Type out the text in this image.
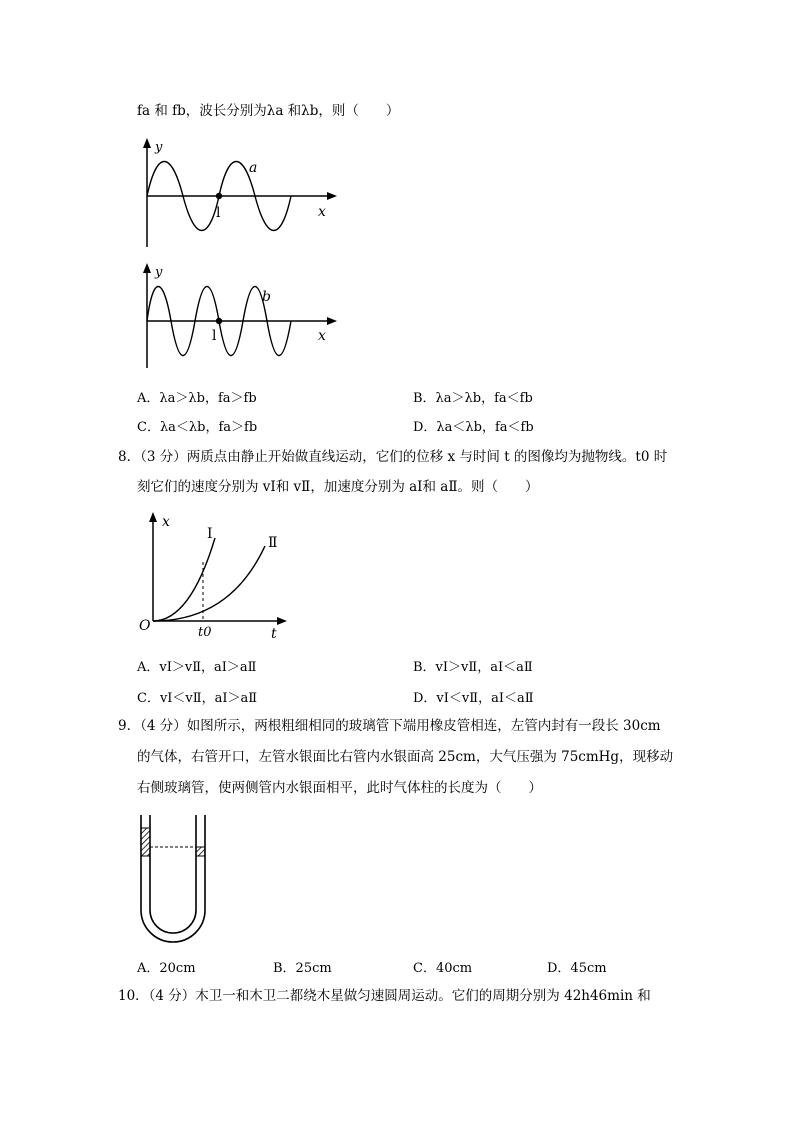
fa 和 fb，波长分别为λa 和λb，则（　　）
y
x
a
l
y
x
b
l
A．λa＞λb，fa＞fb	B．λa＞λb，fa＜fb
C．λa＜λb，fa＞fb	D．λa＜λb，fa＜fb
8．（3 分）两质点由静止开始做直线运动，它们的位移 x 与时间 t 的图像均为抛物线。t0 时
刻它们的速度分别为 vⅠ和 vⅡ，加速度分别为 aⅠ和 aⅡ。则（　　）
x
t
O	t0
Ⅰ
Ⅱ
A．vⅠ＞vⅡ，aⅠ＞aⅡ	B．vⅠ＞vⅡ，aⅠ＜aⅡ
C．vⅠ＜vⅡ，aⅠ＞aⅡ	D．vⅠ＜vⅡ，aⅠ＜aⅡ
9．（4 分）如图所示，两根粗细相同的玻璃管下端用橡皮管相连，左管内封有一段长 30cm
的气体，右管开口，左管水银面比右管内水银面高 25cm，大气压强为 75cmHg，现移动
右侧玻璃管，使两侧管内水银面相平，此时气体柱的长度为（　　）
A．20cm	B．25cm	C．40cm	D．45cm
10．（4 分）木卫一和木卫二都绕木星做匀速圆周运动。它们的周期分别为 42h46min 和
